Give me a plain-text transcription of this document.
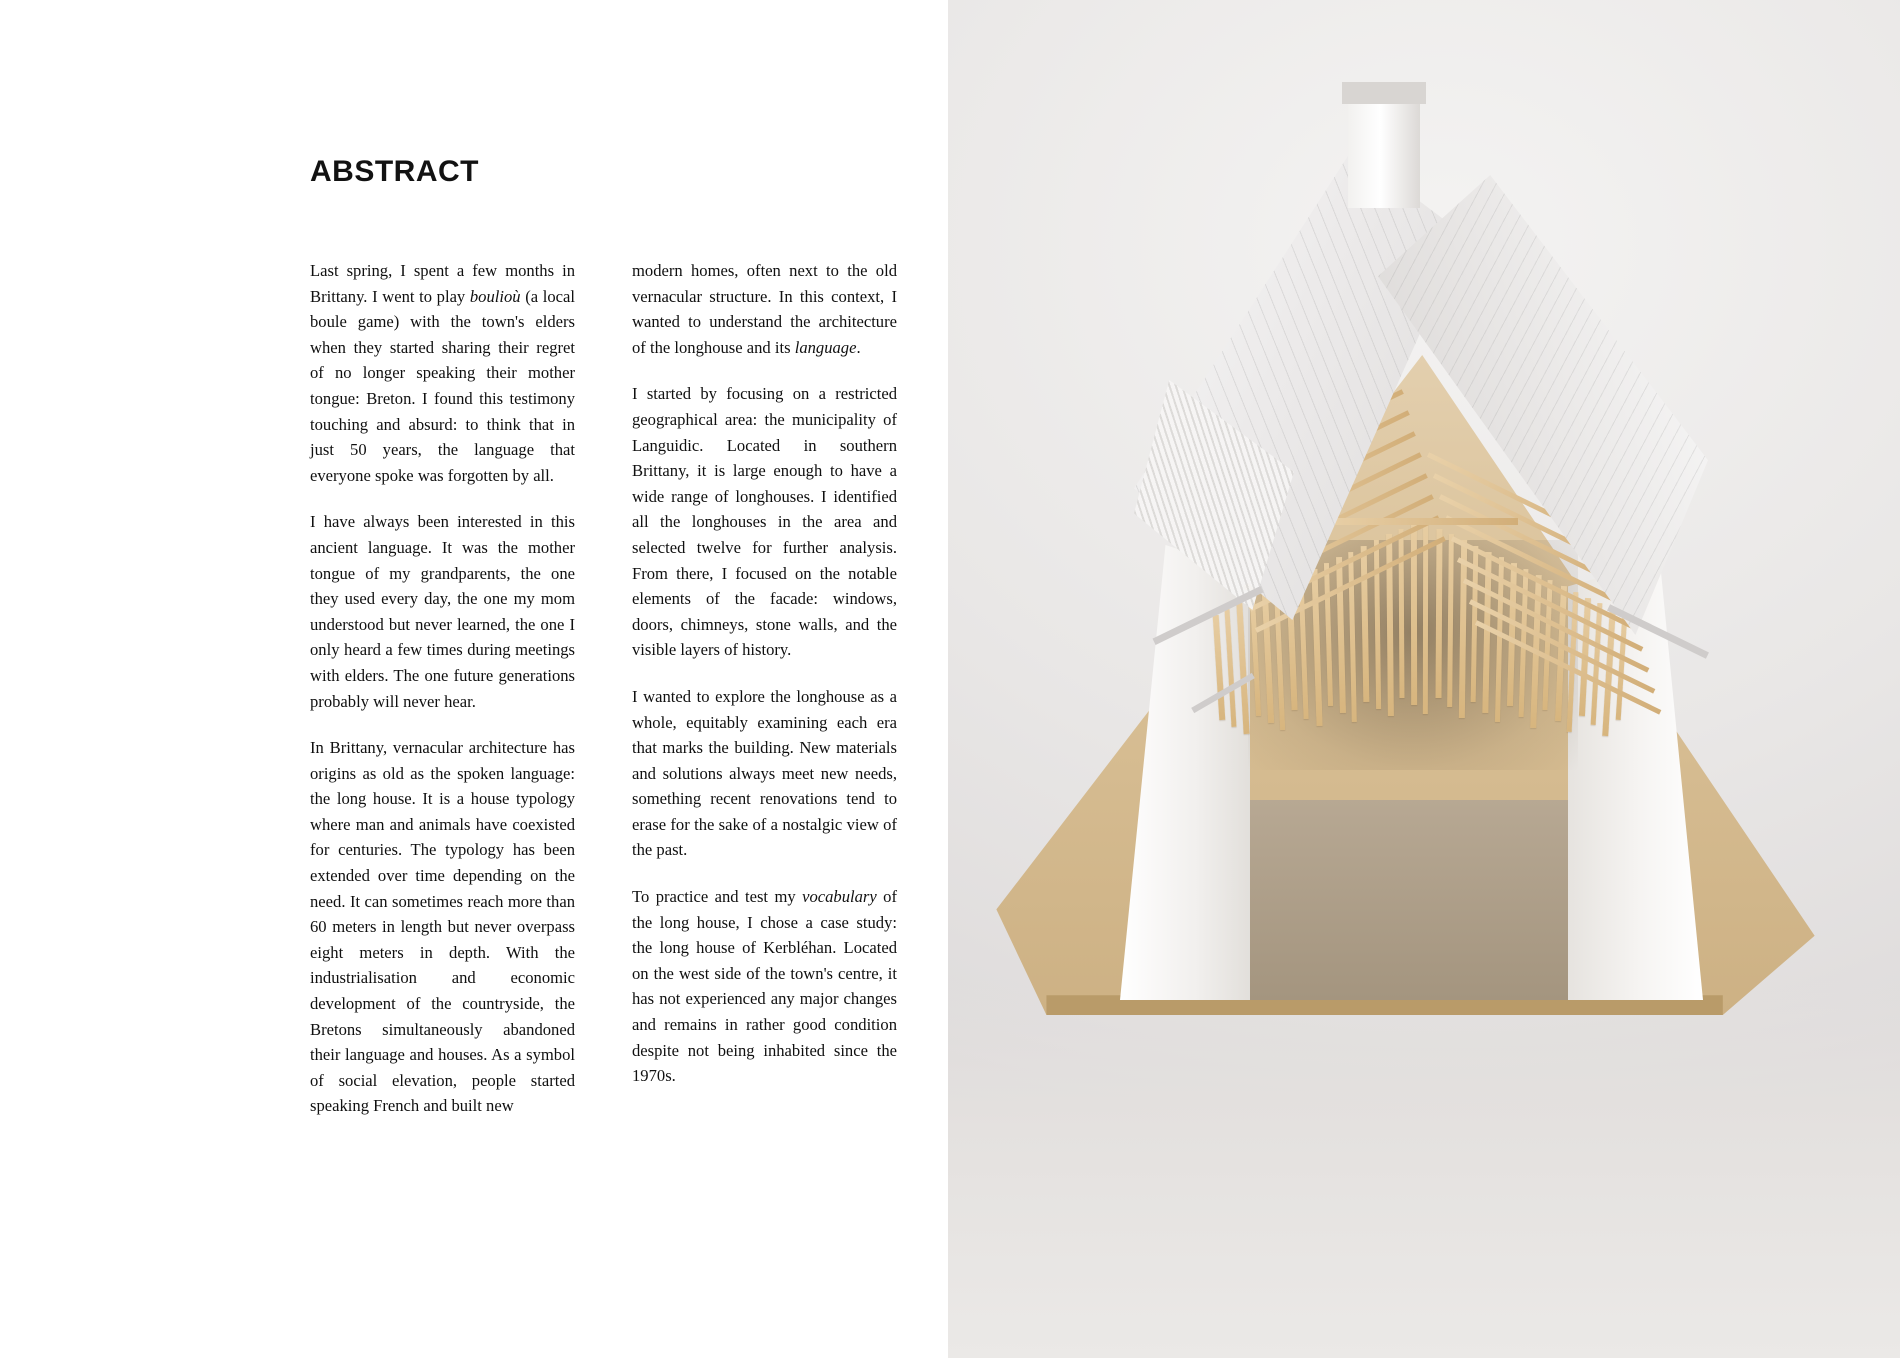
ABSTRACT

Last spring, I spent a few months in Brittany. I went to play boulioù (a local boule game) with the town's elders when they started sharing their regret of no longer speaking their mother tongue: Breton. I found this testimony touching and absurd: to think that in just 50 years, the language that everyone spoke was forgotten by all.

I have always been interested in this ancient language. It was the mother tongue of my grandparents, the one they used every day, the one my mom understood but never learned, the one I only heard a few times during meetings with elders. The one future generations probably will never hear.

In Brittany, vernacular architecture has origins as old as the spoken language: the long house. It is a house typology where man and animals have coexisted for centuries. The typology has been extended over time depending on the need. It can sometimes reach more than 60 meters in length but never overpass eight meters in depth. With the industrialisation and economic development of the countryside, the Bretons simultaneously abandoned their language and houses. As a symbol of social elevation, people started speaking French and built new

modern homes, often next to the old vernacular structure. In this context, I wanted to understand the architecture of the longhouse and its language.

I started by focusing on a restricted geographical area: the municipality of Languidic. Located in southern Brittany, it is large enough to have a wide range of longhouses. I identified all the longhouses in the area and selected twelve for further analysis. From there, I focused on the notable elements of the facade: windows, doors, chimneys, stone walls, and the visible layers of history.

I wanted to explore the longhouse as a whole, equitably examining each era that marks the building. New materials and solutions always meet new needs, something recent renovations tend to erase for the sake of a nostalgic view of the past.

To practice and test my vocabulary of the long house, I chose a case study: the long house of Kerbléhan. Located on the west side of the town's centre, it has not experienced any major changes and remains in rather good condition despite not being inhabited since the 1970s.
